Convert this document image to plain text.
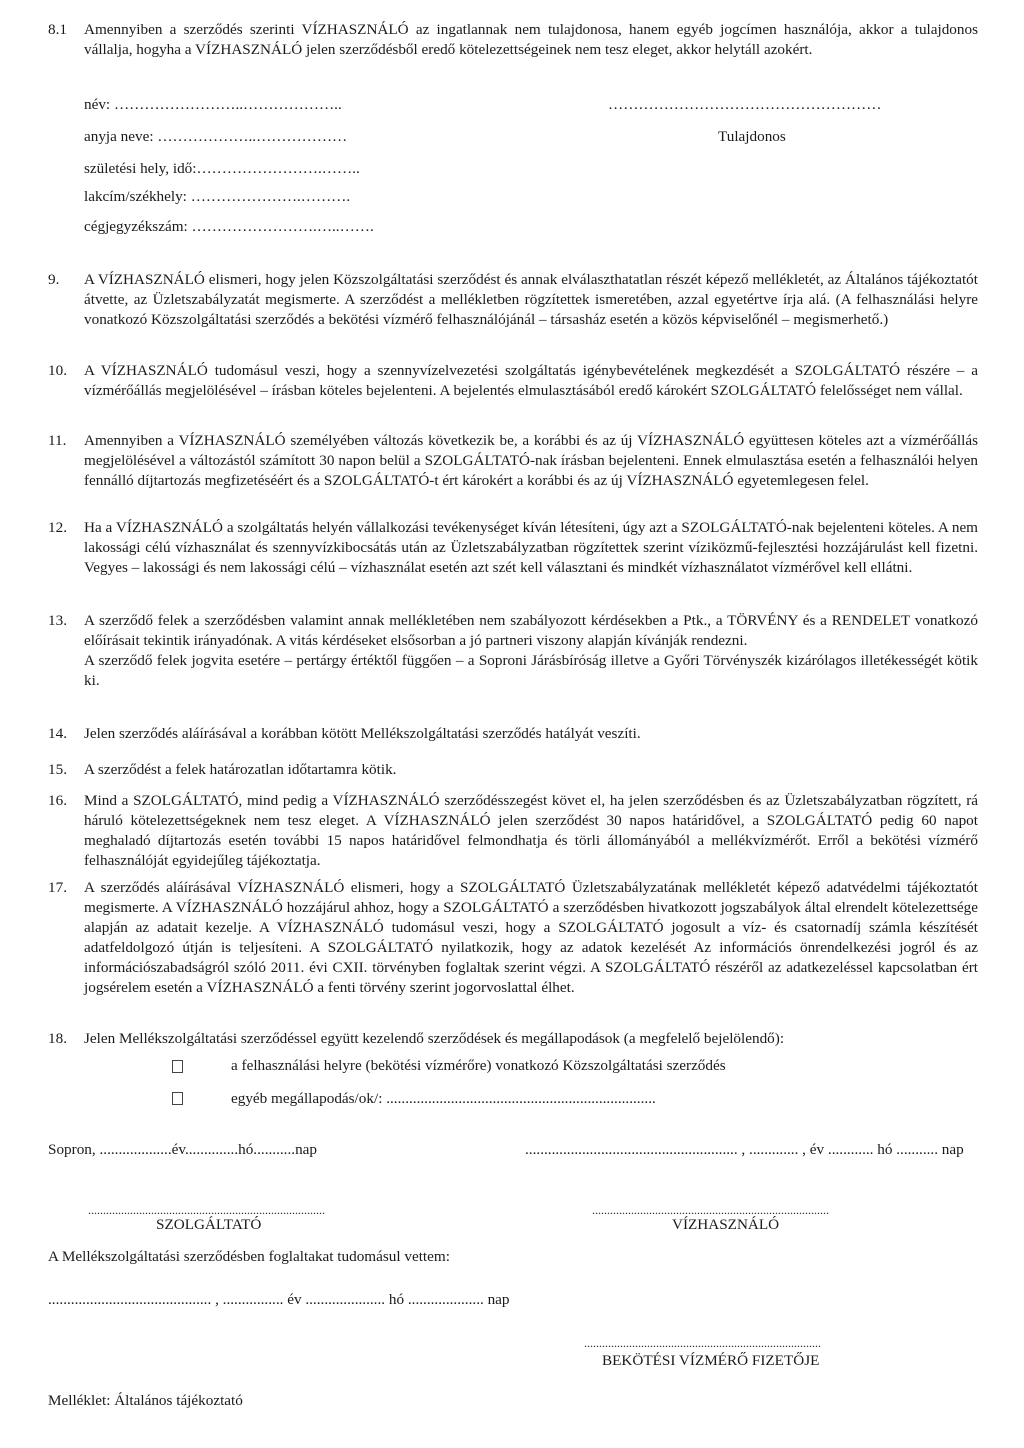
8.1 Amennyiben a szerződés szerinti VÍZHASZNÁLÓ az ingatlannak nem tulajdonosa, hanem egyéb jogcímen használója, akkor a tulajdonos vállalja, hogyha a VÍZHASZNÁLÓ jelen szerződésből eredő kötelezettségeinek nem tesz eleget, akkor helytáll azokért.

név: ……………………..………………..	………………………………………………
anyja neve: ………………..………………	Tulajdonos
születési hely, idő:…………………….……..
lakcím/székhely: ………………….……….
cégjegyzékszám: …………………….…..…….
9. A VÍZHASZNÁLÓ elismeri, hogy jelen Közszolgáltatási szerződést és annak elválaszthatatlan részét képező mellékletét, az Általános tájékoztatót átvette, az Üzletszabályzatát megismerte. A szerződést a mellékletben rögzítettek ismeretében, azzal egyetértve írja alá. (A felhasználási helyre vonatkozó Közszolgáltatási szerződés a bekötési vízmérő felhasználójánál – társasház esetén a közös képviselőnél – megismerhető.)

10. A VÍZHASZNÁLÓ tudomásul veszi, hogy a szennyvízelvezetési szolgáltatás igénybevételének megkezdését a SZOLGÁLTATÓ részére – a vízmérőállás megjelölésével – írásban köteles bejelenteni. A bejelentés elmulasztásából eredő károkért SZOLGÁLTATÓ felelősséget nem vállal.

11. Amennyiben a VÍZHASZNÁLÓ személyében változás következik be, a korábbi és az új VÍZHASZNÁLÓ együttesen köteles azt a vízmérőállás megjelölésével a változástól számított 30 napon belül a SZOLGÁLTATÓ-nak írásban bejelenteni. Ennek elmulasztása esetén a felhasználói helyen fennálló díjtartozás megfizetéséért és a SZOLGÁLTATÓ-t ért károkért a korábbi és az új VÍZHASZNÁLÓ egyetemlegesen felel.

12. Ha a VÍZHASZNÁLÓ a szolgáltatás helyén vállalkozási tevékenységet kíván létesíteni, úgy azt a SZOLGÁLTATÓ-nak bejelenteni köteles. A nem lakossági célú vízhasználat és szennyvízkibocsátás után az Üzletszabályzatban rögzítettek szerint víziközmű-fejlesztési hozzájárulást kell fizetni. Vegyes – lakossági és nem lakossági célú – vízhasználat esetén azt szét kell választani és mindkét vízhasználatot vízmérővel kell ellátni.

13. A szerződő felek a szerződésben valamint annak mellékletében nem szabályozott kérdésekben a Ptk., a TÖRVÉNY és a RENDELET vonatkozó előírásait tekintik irányadónak. A vitás kérdéseket elsősorban a jó partneri viszony alapján kívánják rendezni.

A szerződő felek jogvita esetére – pertárgy értéktől függően – a Soproni Járásbíróság illetve a Győri Törvényszék kizárólagos illetékességét kötik ki.

14. Jelen szerződés aláírásával a korábban kötött Mellékszolgáltatási szerződés hatályát veszíti.

15. A szerződést a felek határozatlan időtartamra kötik.

16. Mind a SZOLGÁLTATÓ, mind pedig a VÍZHASZNÁLÓ szerződésszegést követ el, ha jelen szerződésben és az Üzletszabályzatban rögzített, rá háruló kötelezettségeknek nem tesz eleget. A VÍZHASZNÁLÓ jelen szerződést 30 napos határidővel, a SZOLGÁLTATÓ pedig 60 napot meghaladó díjtartozás esetén további 15 napos határidővel felmondhatja és törli állományából a mellékvízmérőt. Erről a bekötési vízmérő felhasználóját egyidejűleg tájékoztatja.

17. A szerződés aláírásával VÍZHASZNÁLÓ elismeri, hogy a SZOLGÁLTATÓ Üzletszabályzatának mellékletét képező adatvédelmi tájékoztatót megismerte. A VÍZHASZNÁLÓ hozzájárul ahhoz, hogy a SZOLGÁLTATÓ a szerződésben hivatkozott jogszabályok által elrendelt kötelezettsége alapján az adatait kezelje. A VÍZHASZNÁLÓ tudomásul veszi, hogy a SZOLGÁLTATÓ jogosult a víz- és csatornadíj számla készítését adatfeldolgozó útján is teljesíteni. A SZOLGÁLTATÓ nyilatkozik, hogy az adatok kezelését Az információs önrendelkezési jogról és az információszabadságról szóló 2011. évi CXII. törvényben foglaltak szerint végzi. A SZOLGÁLTATÓ részéről az adatkezeléssel kapcsolatban ért jogsérelem esetén a VÍZHASZNÁLÓ a fenti törvény szerint jogorvoslattal élhet.

18. Jelen Mellékszolgáltatási szerződéssel együtt kezelendő szerződések és megállapodások (a megfelelő bejelölendő):

a felhasználási helyre (bekötési vízmérőre) vonatkozó Közszolgáltatási szerződés
egyéb megállapodás/ok/: .......................................................................
Sopron, ...................év..............hó...........nap	........................................................ , ............. , év ............ hó ........... nap
...............................................................................	...............................................................................
SZOLGÁLTATÓ	VÍZHASZNÁLÓ
A Mellékszolgáltatási szerződésben foglaltakat tudomásul vettem:
........................................... , ................ év ..................... hó .................... nap
...............................................................................
BEKÖTÉSI VÍZMÉRŐ FIZETŐJE
Melléklet: Általános tájékoztató
